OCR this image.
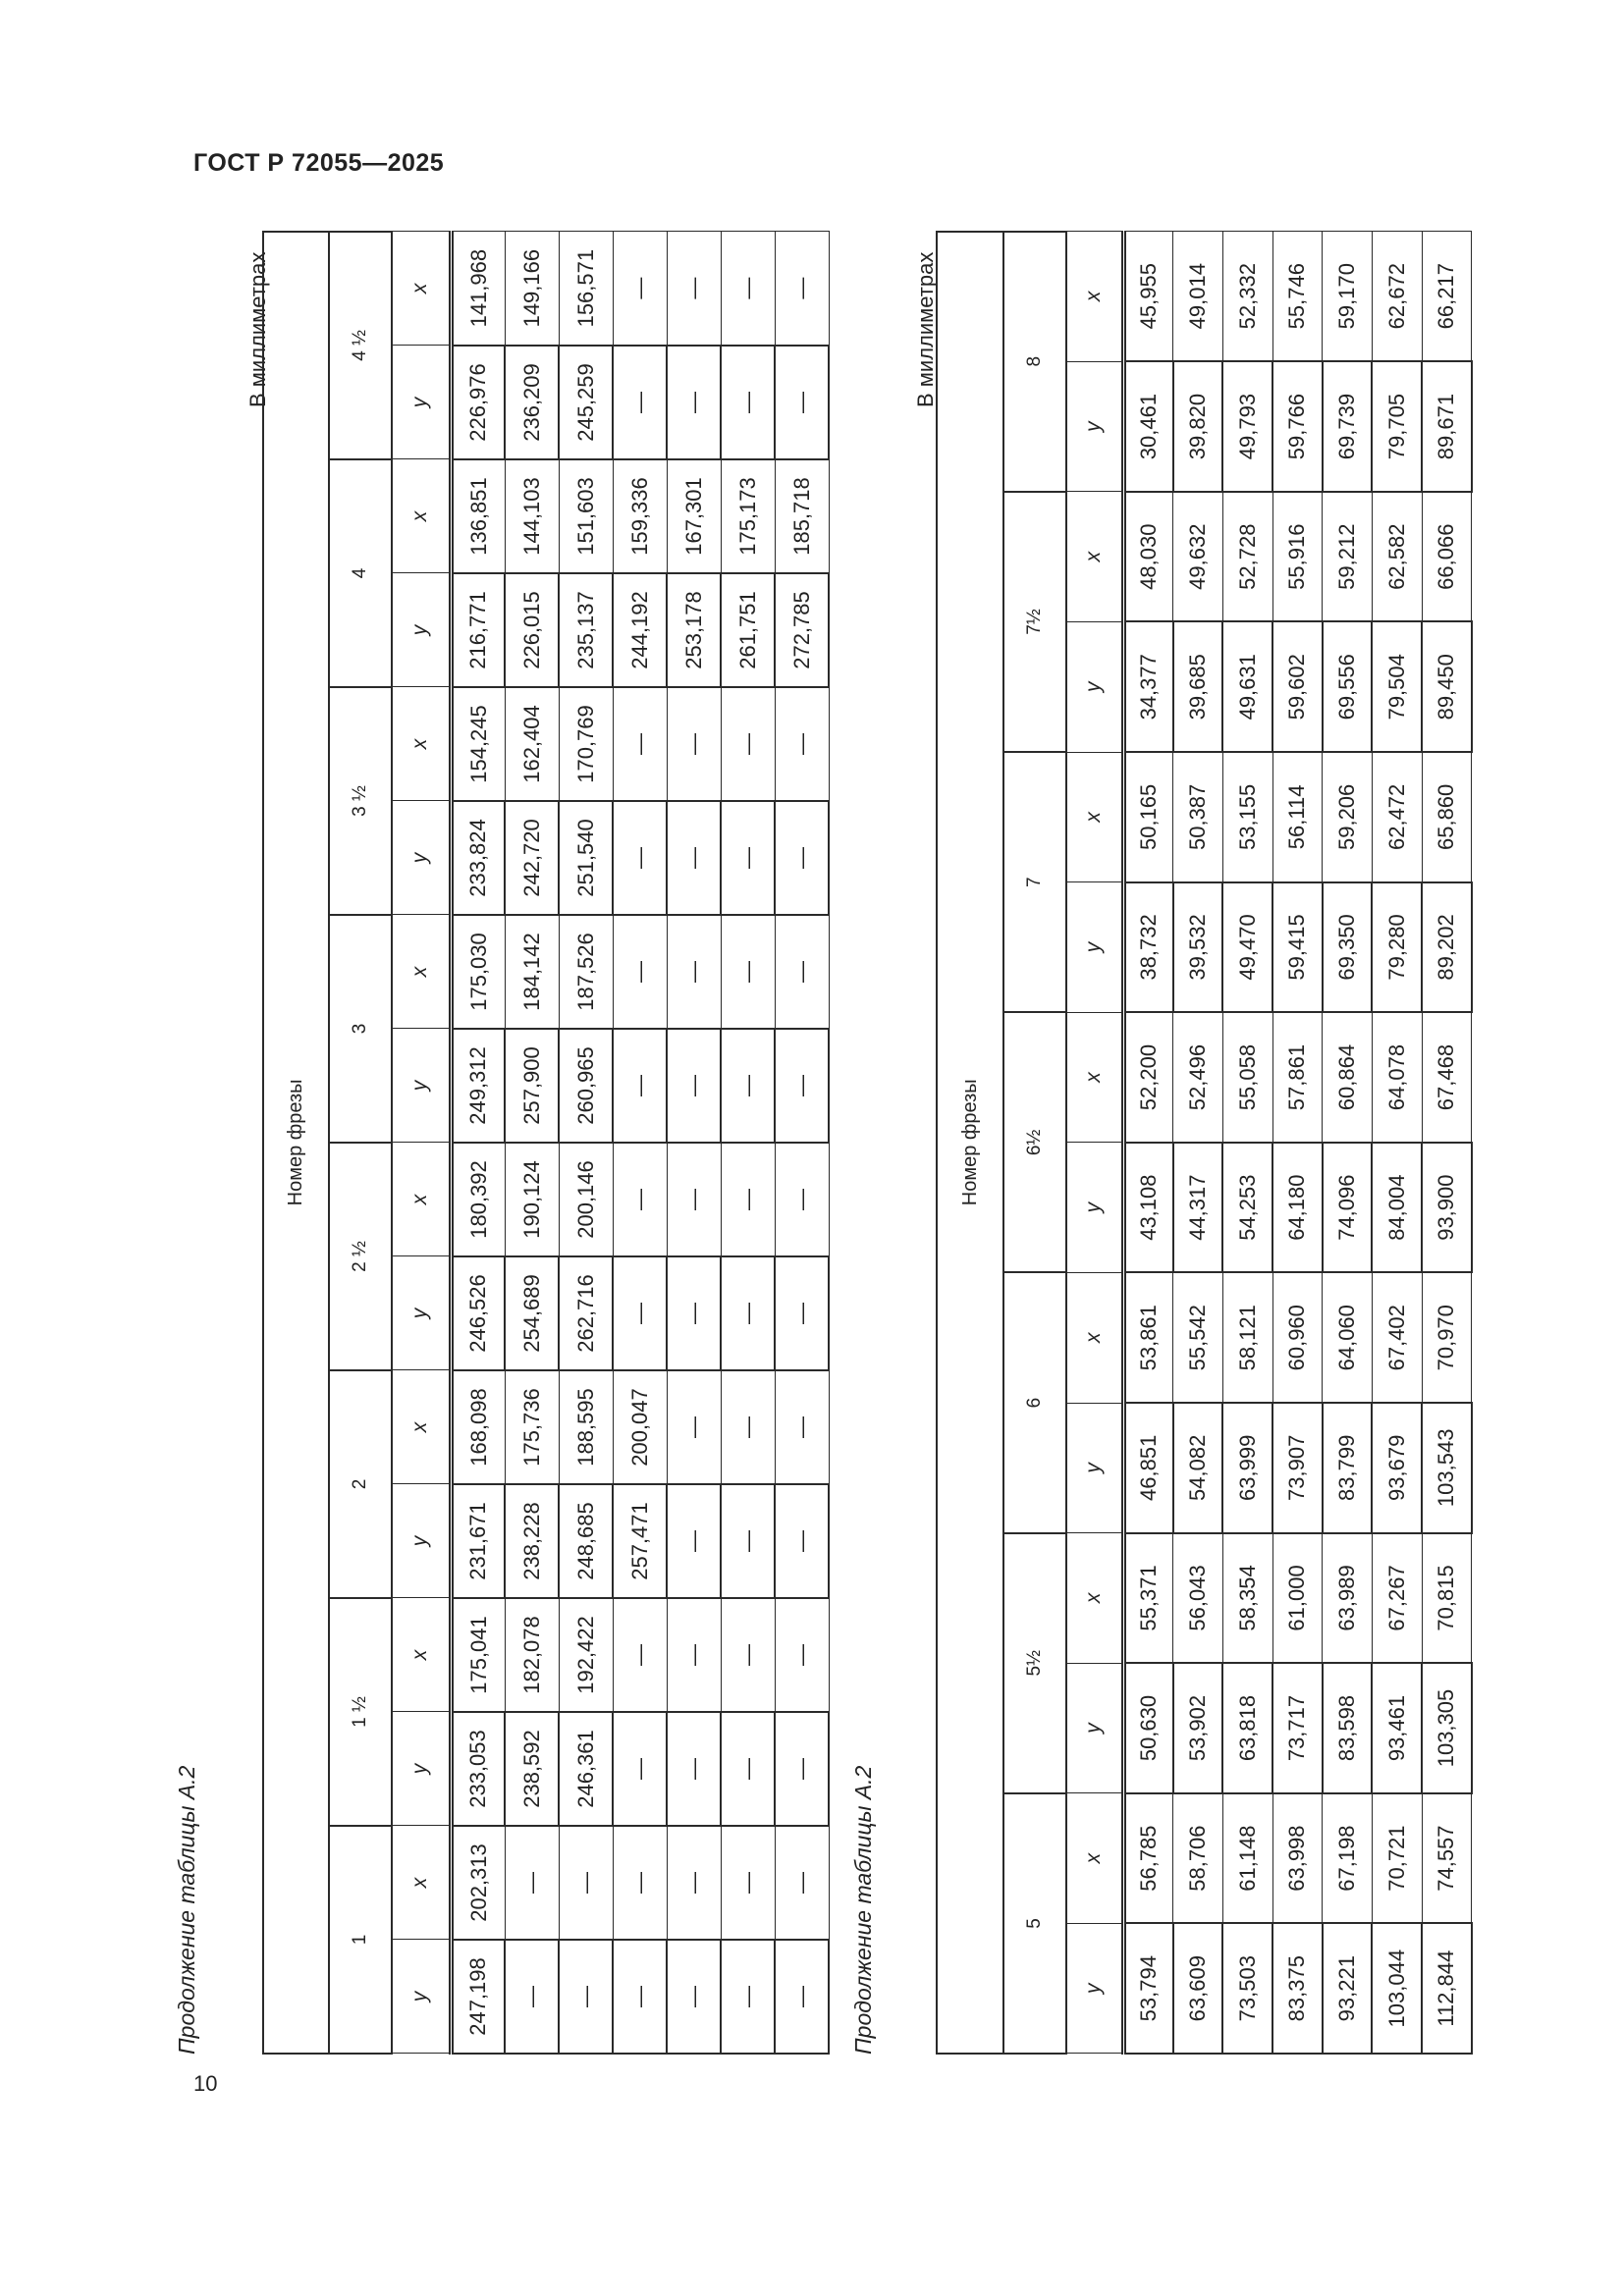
ГОСТ Р 72055—2025
В миллиметрах
Продолжение таблицы А.2
Номер фрезы															
1		1 ½		2		2 ½		3		3 ½		4		4 ½	
y	x	y	x	y	x	y	x	y	x	y	x	y	x	y	x
247,198	202,313	233,053	175,041	231,671	168,098	246,526	180,392	249,312	175,030	233,824	154,245	216,771	136,851	226,976	141,968
—	—	238,592	182,078	238,228	175,736	254,689	190,124	257,900	184,142	242,720	162,404	226,015	144,103	236,209	149,166
—	—	246,361	192,422	248,685	188,595	262,716	200,146	260,965	187,526	251,540	170,769	235,137	151,603	245,259	156,571
—	—	—	—	257,471	200,047	—	—	—	—	—	—	244,192	159,336	—	—
—	—	—	—	—	—	—	—	—	—	—	—	253,178	167,301	—	—
—	—	—	—	—	—	—	—	—	—	—	—	261,751	175,173	—	—
—	—	—	—	—	—	—	—	—	—	—	—	272,785	185,718	—	—
10
В миллиметрах
Продолжение таблицы А.2
Номер фрезы													
5		5½		6		6½		7		7½		8	
y	x	y	x	y	x	y	x	y	x	y	x	y	x
53,794	56,785	50,630	55,371	46,851	53,861	43,108	52,200	38,732	50,165	34,377	48,030	30,461	45,955
63,609	58,706	53,902	56,043	54,082	55,542	44,317	52,496	39,532	50,387	39,685	49,632	39,820	49,014
73,503	61,148	63,818	58,354	63,999	58,121	54,253	55,058	49,470	53,155	49,631	52,728	49,793	52,332
83,375	63,998	73,717	61,000	73,907	60,960	64,180	57,861	59,415	56,114	59,602	55,916	59,766	55,746
93,221	67,198	83,598	63,989	83,799	64,060	74,096	60,864	69,350	59,206	69,556	59,212	69,739	59,170
103,044	70,721	93,461	67,267	93,679	67,402	84,004	64,078	79,280	62,472	79,504	62,582	79,705	62,672
112,844	74,557	103,305	70,815	103,543	70,970	93,900	67,468	89,202	65,860	89,450	66,066	89,671	66,217
